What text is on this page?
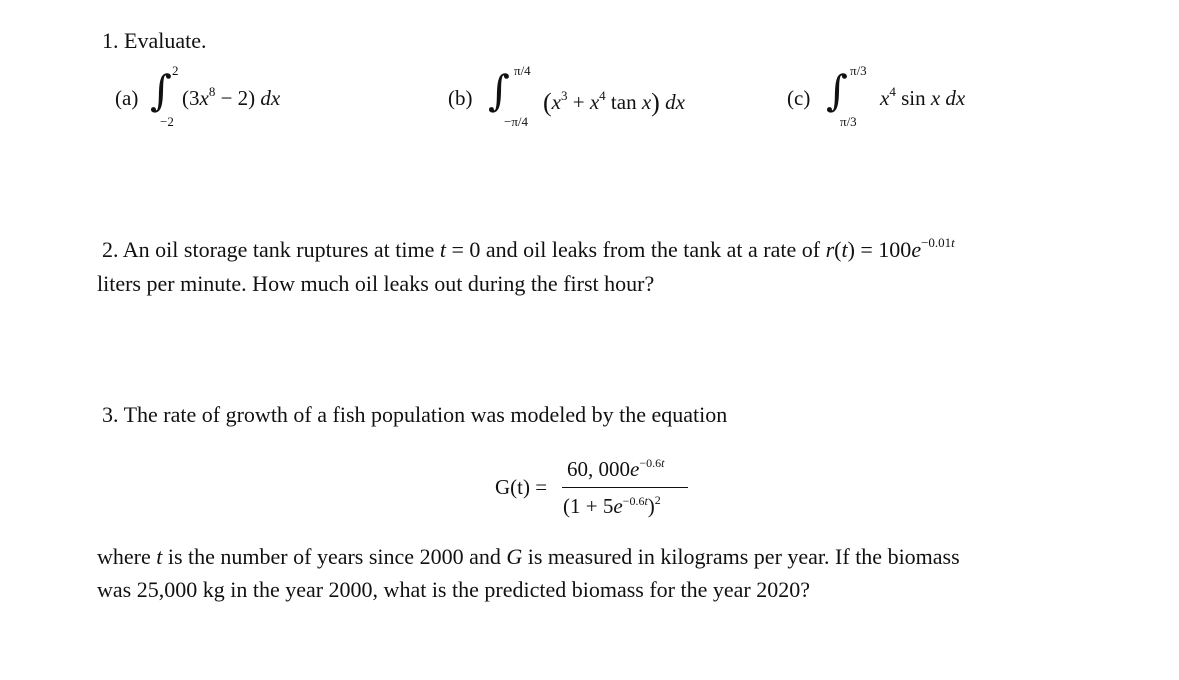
1. Evaluate.
(a) ∫ 2
−2
$(3x^8 - 2)$ dx	(b) ∫ π/4
−π/4
($x^3 + x^4$ tan x) dx	(c) ∫ π/3
π/3
$x^4$ sin x dx
2. An oil storage tank ruptures at time t = 0 and oil leaks from the tank at a rate of $r(t) = 100e^{-0.01t}$
liters per minute. How much oil leaks out during the first hour?
3. The rate of growth of a fish population was modeled by the equation
G(t) =
60, $000e^{-0.6t}$
$(1 + 5e^{-0.6t})^2$
where t is the number of years since 2000 and G is measured in kilograms per year. If the biomass
was 25,000 kg in the year 2000, what is the predicted biomass for the year 2020?
